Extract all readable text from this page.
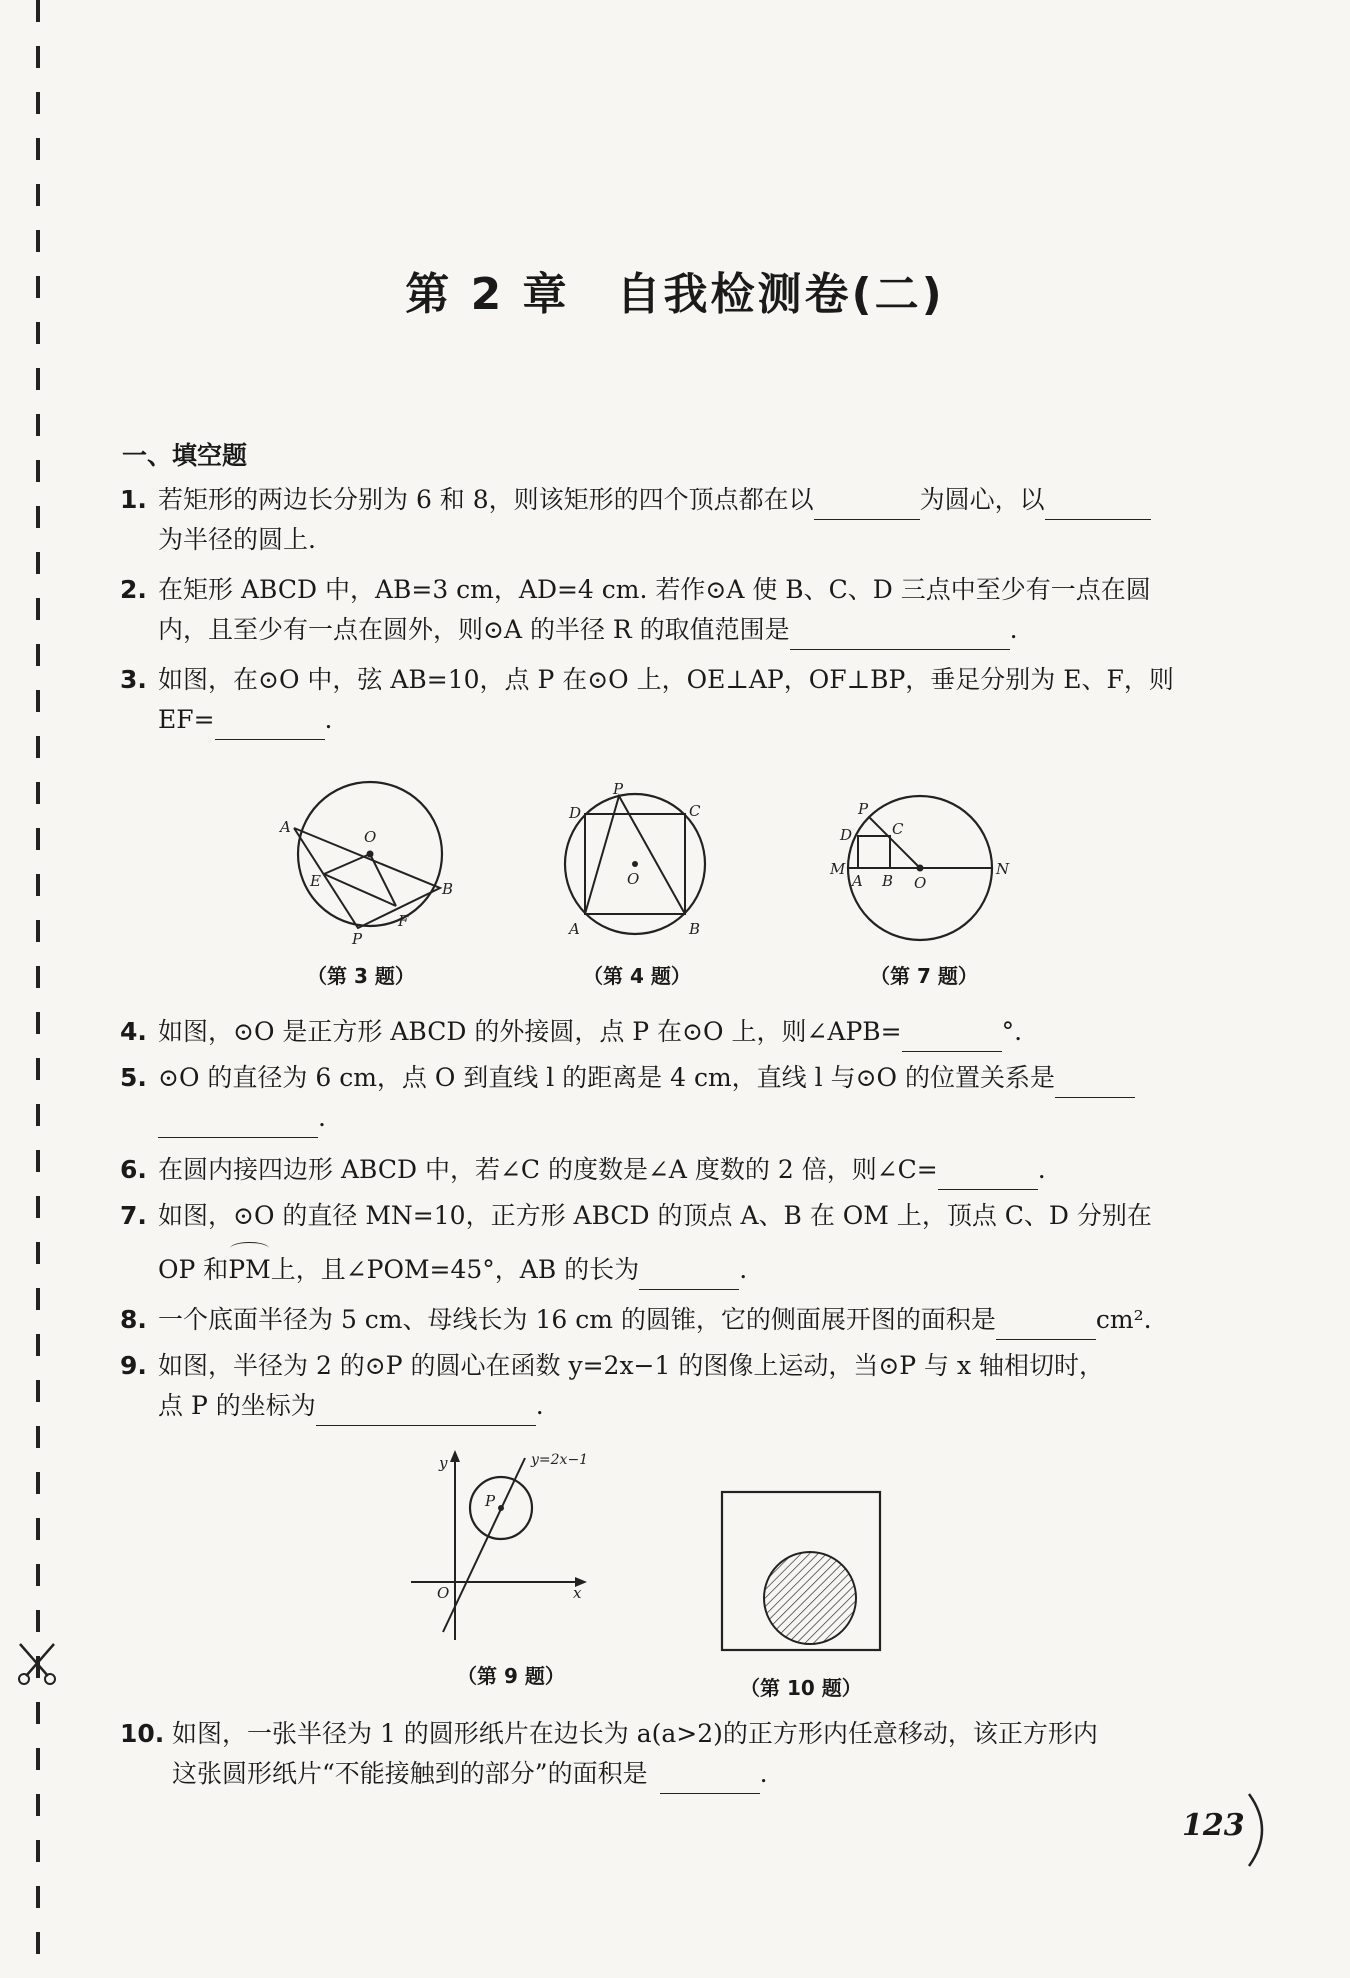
第 2 章　自我检测卷(二)
一、填空题
1. 若矩形的两边长分别为 6 和 8，则该矩形的四个顶点都在以	为圆心，以
为半径的圆上.
2. 在矩形 ABCD 中，AB=3 cm，AD=4 cm. 若作⊙A 使 B、C、D 三点中至少有一点在圆
内，且至少有一点在圆外，则⊙A 的半径 R 的取值范围是	.
3. 如图，在⊙O 中，弦 AB=10，点 P 在⊙O 上，OE⊥AP，OF⊥BP，垂足分别为 E、F，则
EF=	.
A
O
E	B
P
F
（第 3 题）
D
P
C
O
A	B
（第 4 题）
P
D	C
M
A B O
N
（第 7 题）
4. 如图，⊙O 是正方形 ABCD 的外接圆，点 P 在⊙O 上，则∠APB=	°.
5. ⊙O 的直径为 6 cm，点 O 到直线 l 的距离是 4 cm，直线 l 与⊙O 的位置关系是
.
6. 在圆内接四边形 ABCD 中，若∠C 的度数是∠A 度数的 2 倍，则∠C=	.
7. 如图，⊙O 的直径 MN=10，正方形 ABCD 的顶点 A、B 在 OM 上，顶点 C、D 分别在
OP 和PM上，且∠POM=45°，AB 的长为	.
8. 一个底面半径为 5 cm、母线长为 16 cm 的圆锥，它的侧面展开图的面积是	cm².
9. 如图，半径为 2 的⊙P 的圆心在函数 y=2x−1 的图像上运动，当⊙P 与 x 轴相切时，
点 P 的坐标为	.
y	y=2x−1
P
O	x
（第 9 题）	（第 10 题）
10. 如图，一张半径为 1 的圆形纸片在边长为 a(a>2)的正方形内任意移动，该正方形内
这张圆形纸片“不能接触到的部分”的面积是	.
123
